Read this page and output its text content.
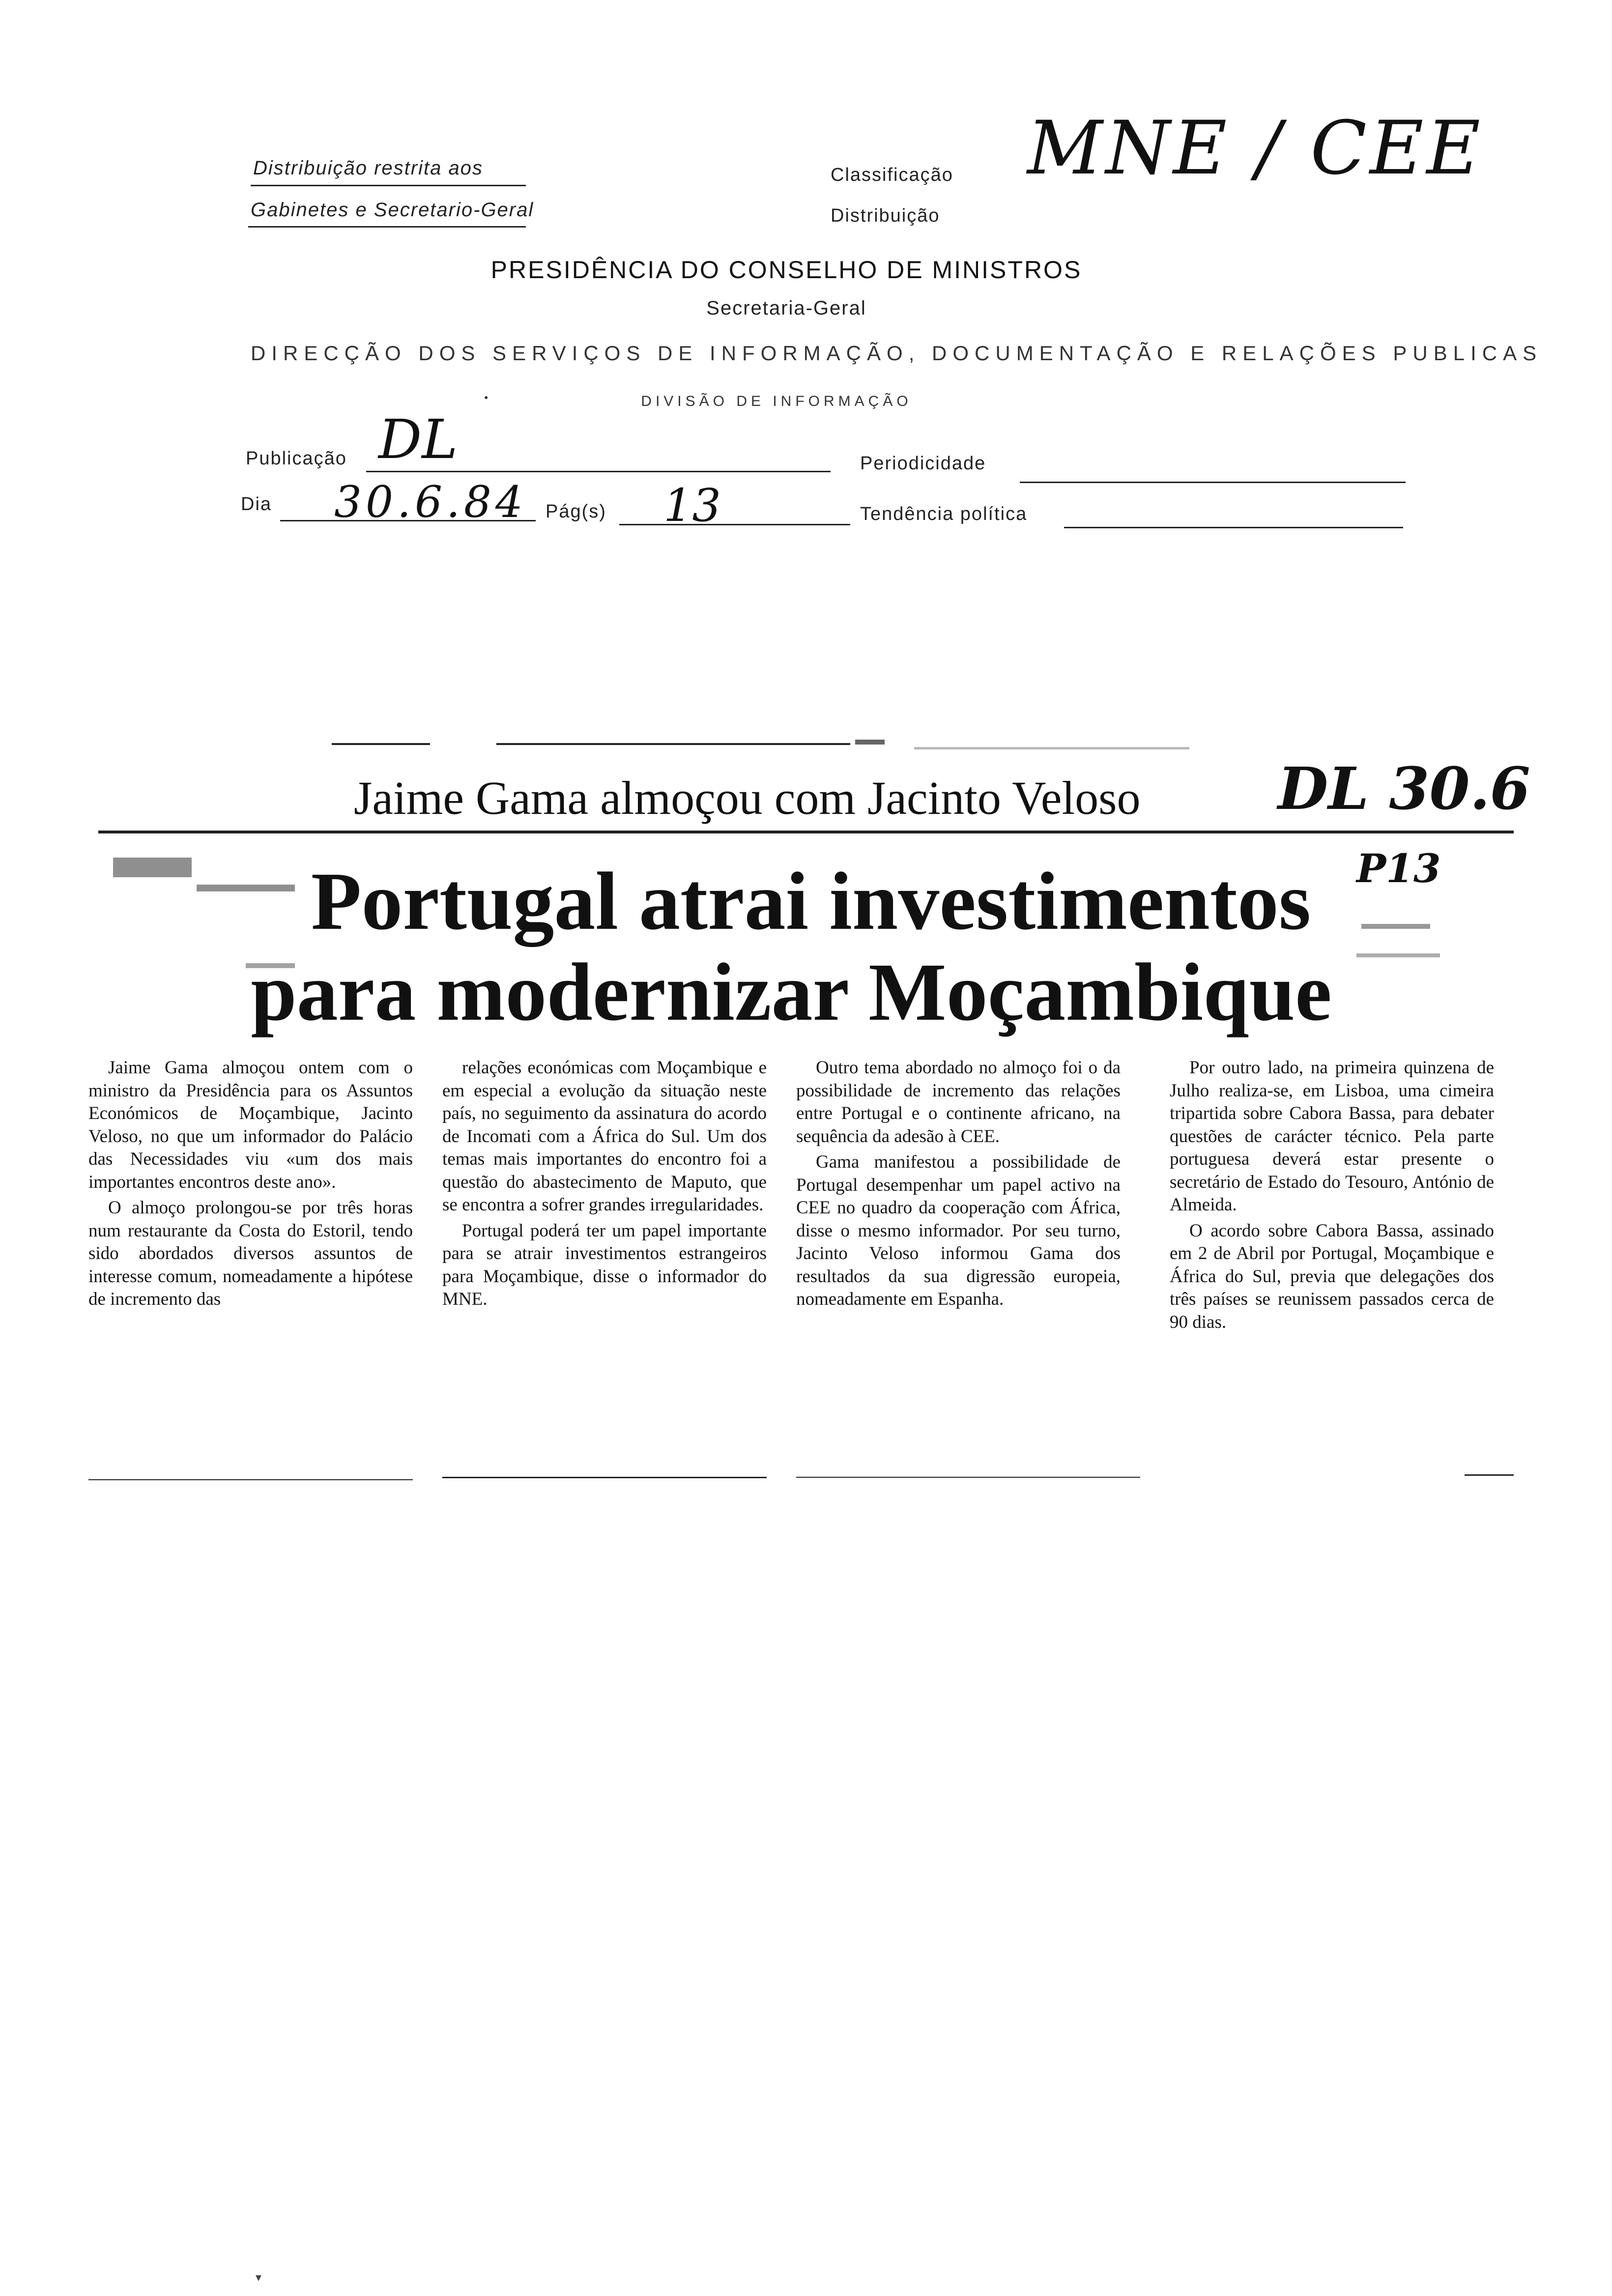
Distribuição restrita aos
Gabinetes e Secretario-Geral
Classificação
Distribuição
MNE / CEE
PRESIDÊNCIA DO CONSELHO DE MINISTROS
Secretaria-Geral
DIRECÇÃO DOS SERVIÇOS DE INFORMAÇÃO, DOCUMENTAÇÃO E RELAÇÕES PUBLICAS
●	DIVISÃO DE INFORMAÇÃO
Publicação DL	Periodicidade
Dia 30.6.84 Pág(s) 13	Tendência política
Jaime Gama almoçou com Jacinto Veloso DL 30.6
Portugal atrai investimentos
para modernizar Moçambique
P13

Jaime Gama almoçou ontem com o ministro da Presidência para os Assuntos Económicos de Moçambique, Jacinto Veloso, no que um informador do Palácio das Necessidades viu «um dos mais importantes encontros deste ano».

O almoço prolongou-se por três horas num restaurante da Costa do Estoril, tendo sido abordados diversos assuntos de interesse comum, nomeadamente a hipótese de incremento das

relações económicas com Moçambique e em especial a evolução da situação neste país, no seguimento da assinatura do acordo de Incomati com a África do Sul. Um dos temas mais importantes do encontro foi a questão do abastecimento de Maputo, que se encontra a sofrer grandes irregularidades.

Portugal poderá ter um papel importante para se atrair investimentos estrangeiros para Moçambique, disse o informador do MNE.

Outro tema abordado no almoço foi o da possibilidade de incremento das relações entre Portugal e o continente africano, na sequência da adesão à CEE.

Gama manifestou a possibilidade de Portugal desempenhar um papel activo na CEE no quadro da cooperação com África, disse o mesmo informador. Por seu turno, Jacinto Veloso informou Gama dos resultados da sua digressão europeia, nomeadamente em Espanha.

Por outro lado, na primeira quinzena de Julho realiza-se, em Lisboa, uma cimeira tripartida sobre Cabora Bassa, para debater questões de carácter técnico. Pela parte portuguesa deverá estar presente o secretário de Estado do Tesouro, António de Almeida.

O acordo sobre Cabora Bassa, assinado em 2 de Abril por Portugal, Moçambique e África do Sul, previa que delegações dos três países se reunissem passados cerca de 90 dias.

▾
